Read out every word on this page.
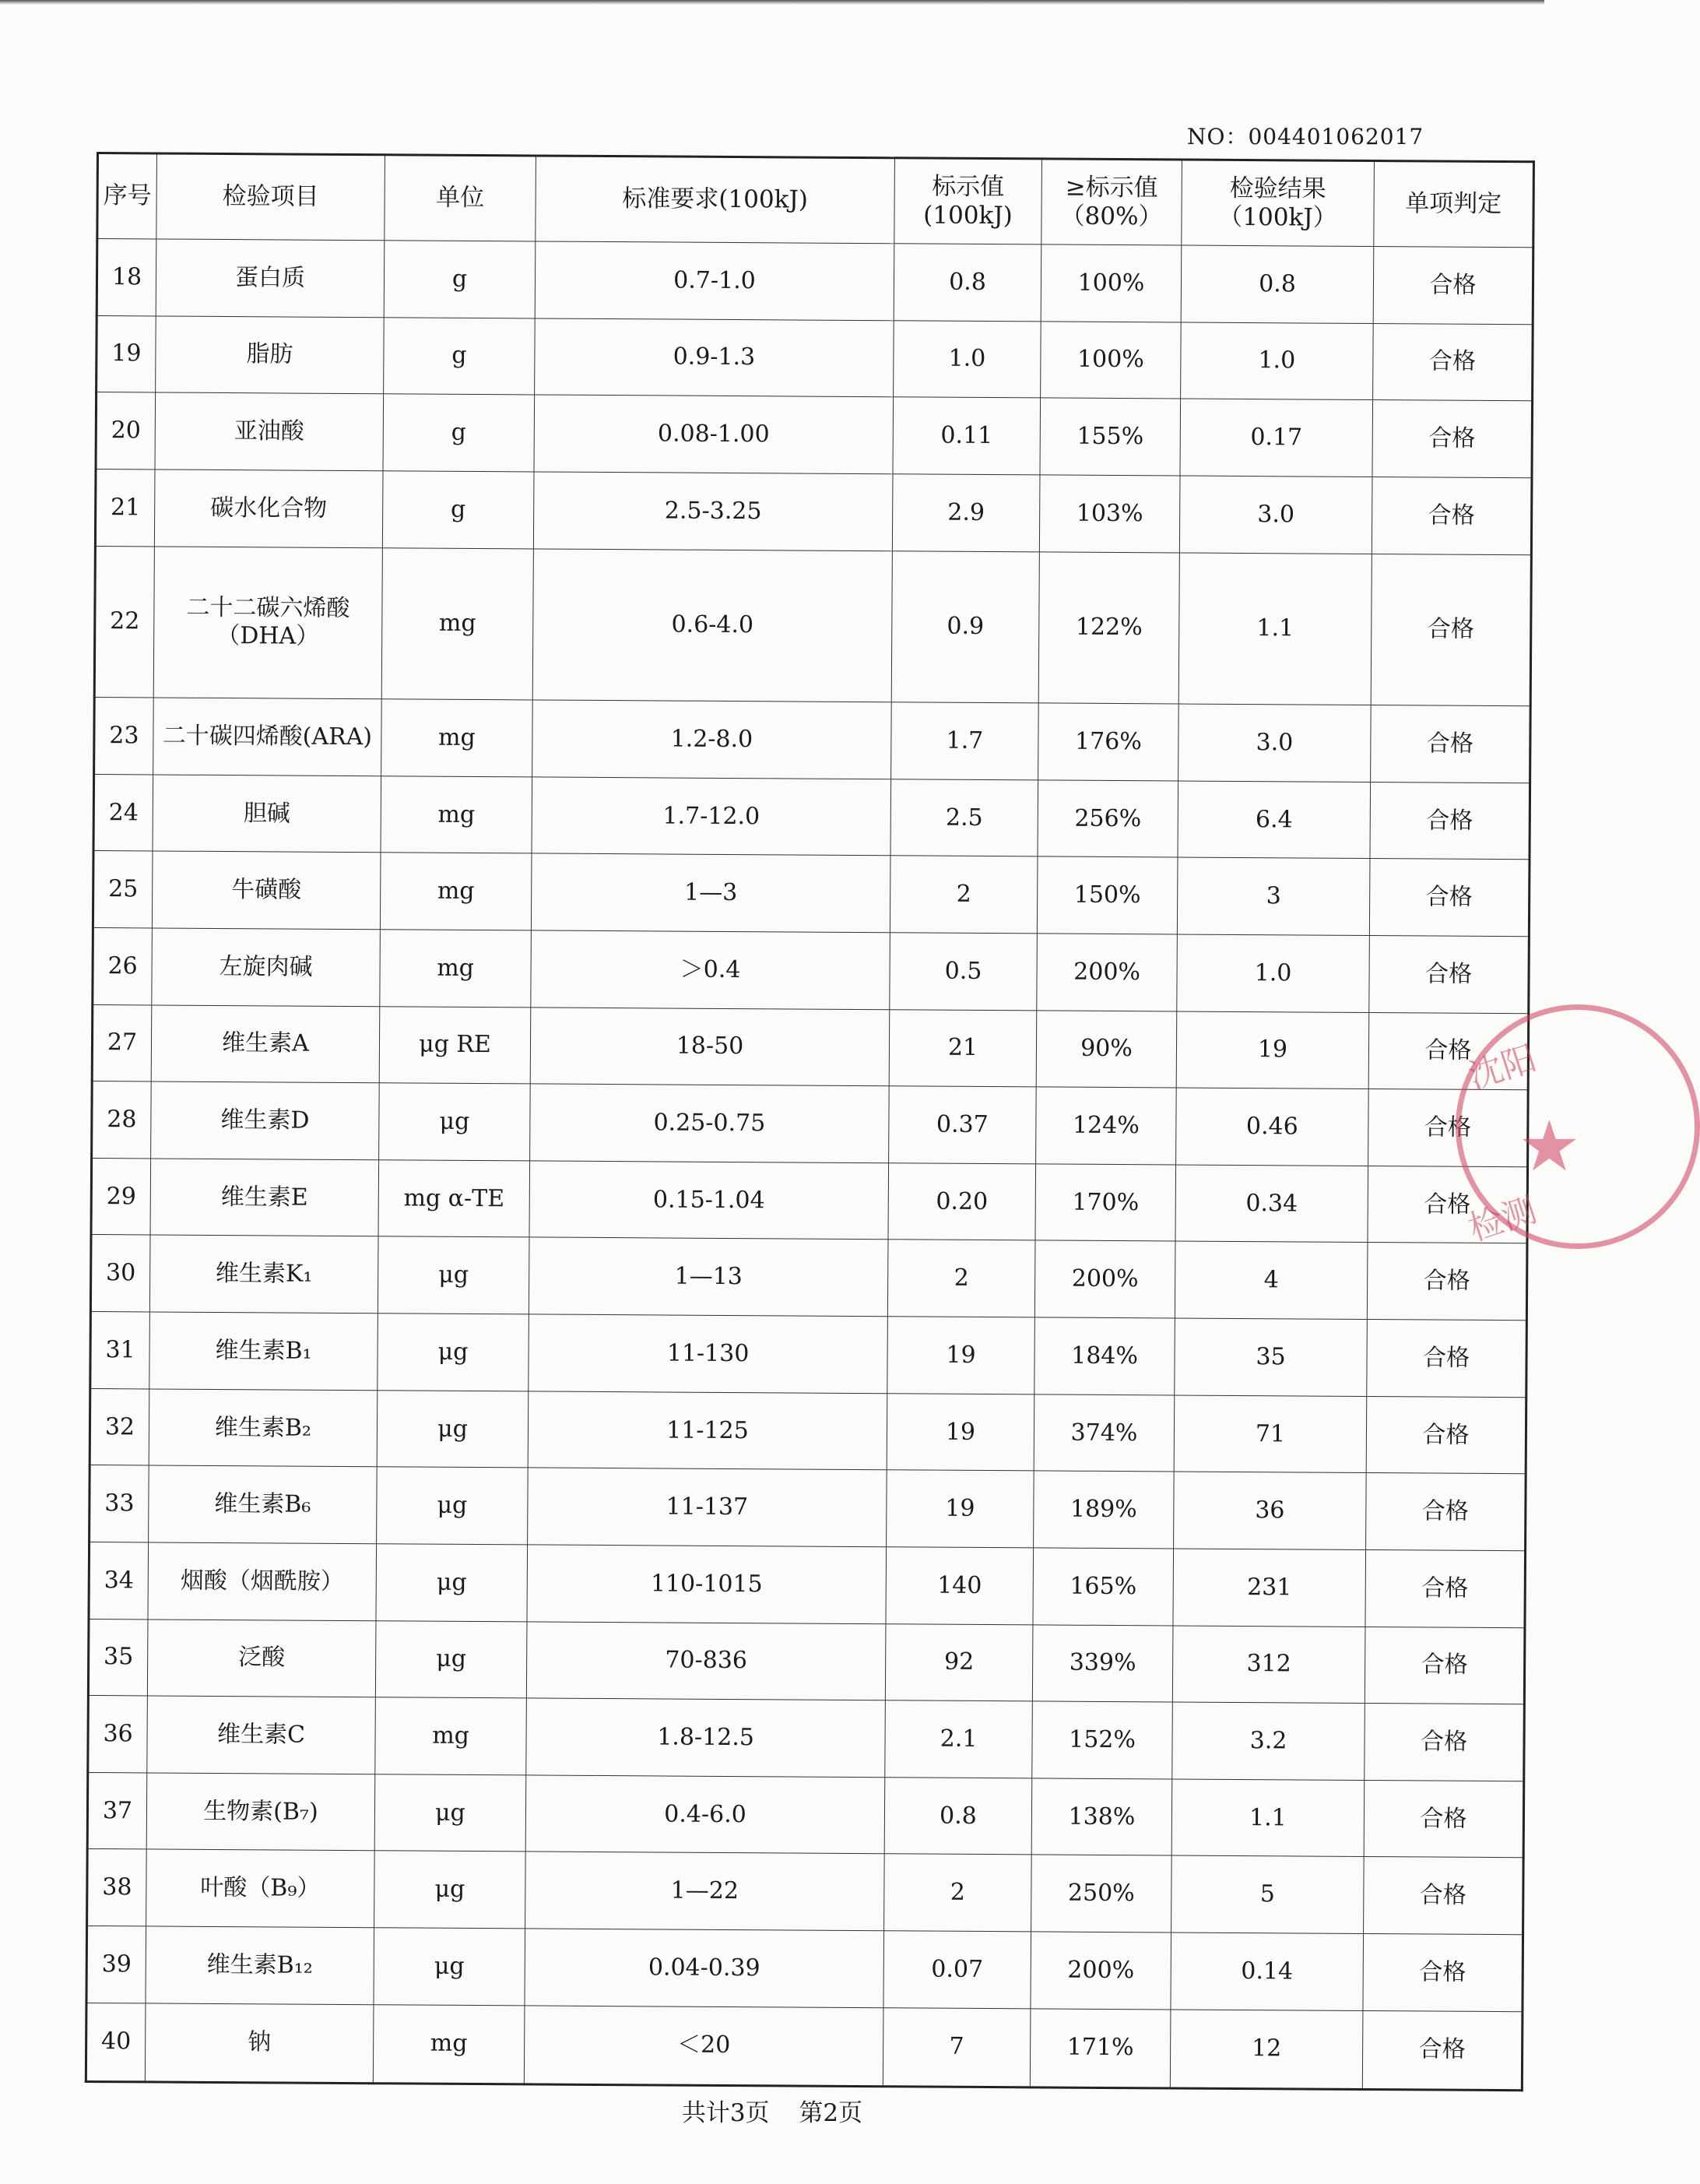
NO：004401062017
序号	检验项目	单位	标准要求(100kJ)	标示值(100kJ)	≥标示值（80%）	检验结果（100kJ）	单项判定
18	蛋白质	g	0.7-1.0	0.8	100%	0.8	合格
19	脂肪	g	0.9-1.3	1.0	100%	1.0	合格
20	亚油酸	g	0.08-1.00	0.11	155%	0.17	合格
21	碳水化合物	g	2.5-3.25	2.9	103%	3.0	合格
22	二十二碳六烯酸（DHA）	mg	0.6-4.0	0.9	122%	1.1	合格
23	二十碳四烯酸(ARA)	mg	1.2-8.0	1.7	176%	3.0	合格
24	胆碱	mg	1.7-12.0	2.5	256%	6.4	合格
25	牛磺酸	mg	1—3	2	150%	3	合格
26	左旋肉碱	mg	＞0.4	0.5	200%	1.0	合格
27	维生素A	μg RE	18-50	21	90%	19	合格
28	维生素D	μg	0.25-0.75	0.37	124%	0.46	合格
29	维生素E	mg α-TE	0.15-1.04	0.20	170%	0.34	合格
30	维生素K₁	μg	1—13	2	200%	4	合格
31	维生素B₁	μg	11-130	19	184%	35	合格
32	维生素B₂	μg	11-125	19	374%	71	合格
33	维生素B₆	μg	11-137	19	189%	36	合格
34	烟酸（烟酰胺）	μg	110-1015	140	165%	231	合格
35	泛酸	μg	70-836	92	339%	312	合格
36	维生素C	mg	1.8-12.5	2.1	152%	3.2	合格
37	生物素(B₇)	μg	0.4-6.0	0.8	138%	1.1	合格
38	叶酸（B₉）	μg	1—22	2	250%	5	合格
39	维生素B₁₂	μg	0.04-0.39	0.07	200%	0.14	合格
40	钠	mg	＜20	7	171%	12	合格
沈阳
★
检测
共计3页 第2页
